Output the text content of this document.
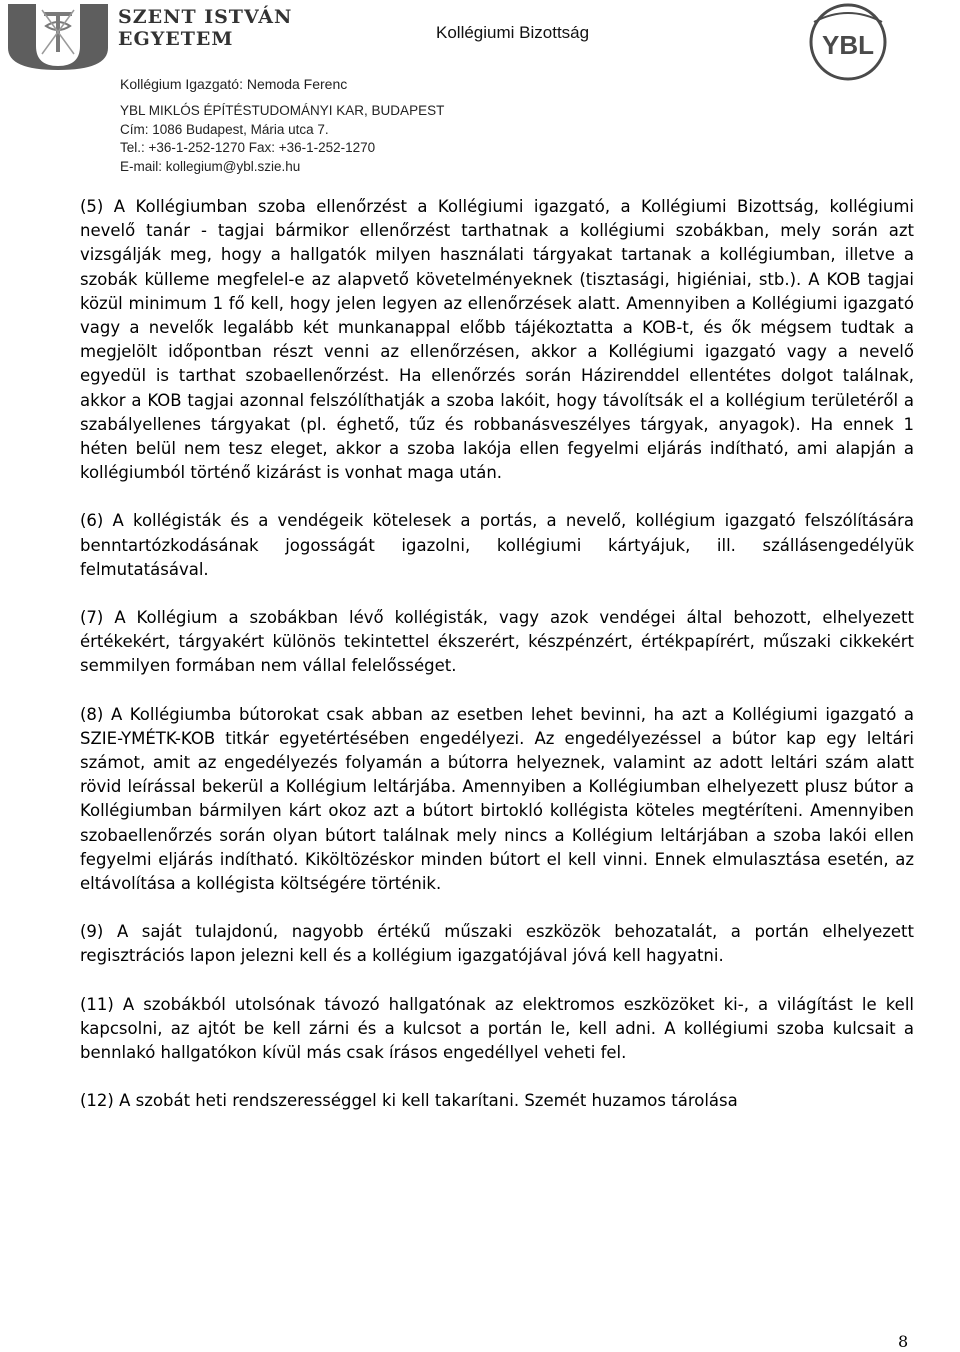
SZENT ISTVÁN
EGYETEM	Kollégiumi Bizottság	YBL
Kollégium Igazgató: Nemoda Ferenc
YBL MIKLÓS ÉPÍTÉSTUDOMÁNYI KAR, BUDAPEST
Cím: 1086 Budapest, Mária utca 7.
Tel.: +36-1-252-1270 Fax: +36-1-252-1270
E-mail: kollegium@ybl.szie.hu

(5) A Kollégiumban szoba ellenőrzést a Kollégiumi igazgató, a Kollégiumi Bizottság, kollégiumi nevelő tanár - tagjai bármikor ellenőrzést tarthatnak a kollégiumi szobákban, mely során azt vizsgálják meg, hogy a hallgatók milyen használati tárgyakat tartanak a kollégiumban, illetve a szobák külleme megfelel-e az alapvető követelményeknek (tisztasági, higiéniai, stb.). A KOB tagjai közül minimum 1 fő kell, hogy jelen legyen az ellenőrzések alatt. Amennyiben a Kollégiumi igazgató vagy a nevelők legalább két munkanappal előbb tájékoztatta a KOB-t, és ők mégsem tudtak a megjelölt időpontban részt venni az ellenőrzésen, akkor a Kollégiumi igazgató vagy a nevelő egyedül is tarthat szobaellenőrzést. Ha ellenőrzés során Házirenddel ellentétes dolgot találnak, akkor a KOB tagjai azonnal felszólíthatják a szoba lakóit, hogy távolítsák el a kollégium területéről a szabályellenes tárgyakat (pl. éghető, tűz és robbanásveszélyes tárgyak, anyagok). Ha ennek 1 héten belül nem tesz eleget, akkor a szoba lakója ellen fegyelmi eljárás indítható, ami alapján a kollégiumból történő kizárást is vonhat maga után.

(6) A kollégisták és a vendégeik kötelesek a portás, a nevelő, kollégium igazgató felszólítására benntartózkodásának jogosságát igazolni, kollégiumi kártyájuk, ill. szállásengedélyük felmutatásával.

(7) A Kollégium a szobákban lévő kollégisták, vagy azok vendégei által behozott, elhelyezett értékekért, tárgyakért különös tekintettel ékszerért, készpénzért, értékpapírért, műszaki cikkekért semmilyen formában nem vállal felelősséget.

(8) A Kollégiumba bútorokat csak abban az esetben lehet bevinni, ha azt a Kollégiumi igazgató a SZIE-YMÉTK-KOB titkár egyetértésében engedélyezi. Az engedélyezéssel a bútor kap egy leltári számot, amit az engedélyezés folyamán a bútorra helyeznek, valamint az adott leltári szám alatt rövid leírással bekerül a Kollégium leltárjába. Amennyiben a Kollégiumban elhelyezett plusz bútor a Kollégiumban bármilyen kárt okoz azt a bútort birtokló kollégista köteles megtéríteni. Amennyiben szobaellenőrzés során olyan bútort találnak mely nincs a Kollégium leltárjában a szoba lakói ellen fegyelmi eljárás indítható. Kiköltözéskor minden bútort el kell vinni. Ennek elmulasztása esetén, az eltávolítása a kollégista költségére történik.

(9) A saját tulajdonú, nagyobb értékű műszaki eszközök behozatalát, a portán elhelyezett regisztrációs lapon jelezni kell és a kollégium igazgatójával jóvá kell hagyatni.

(11) A szobákból utolsónak távozó hallgatónak az elektromos eszközöket ki-, a világítást le kell kapcsolni, az ajtót be kell zárni és a kulcsot a portán le, kell adni. A kollégiumi szoba kulcsait a bennlakó hallgatókon kívül más csak írásos engedéllyel veheti fel.

(12) A szobát heti rendszerességgel ki kell takarítani. Szemét huzamos tárolása

8
